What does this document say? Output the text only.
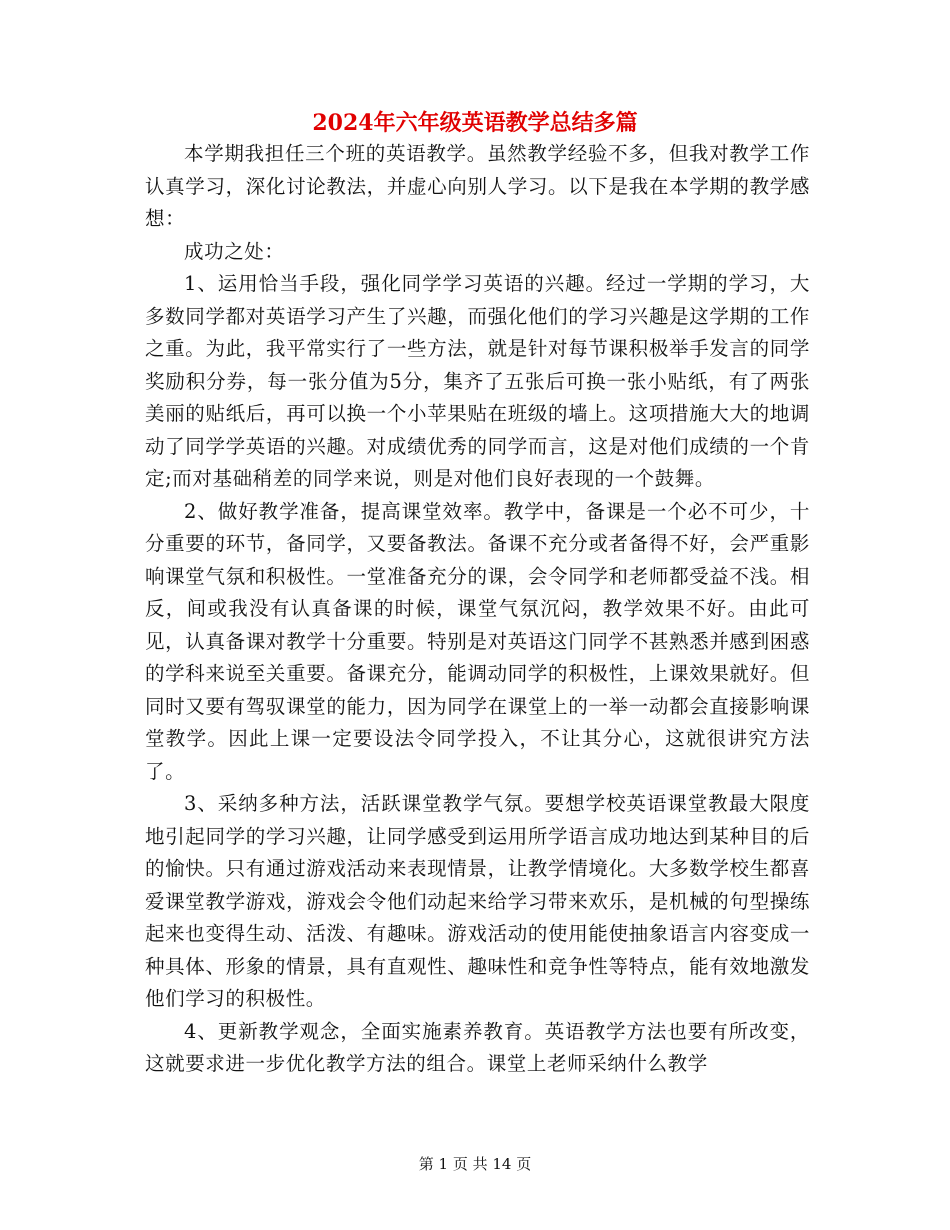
2024年六年级英语教学总结多篇

本学期我担任三个班的英语教学。虽然教学经验不多，但我对教学工作认真学习，深化讨论教法，并虚心向别人学习。以下是我在本学期的教学感想：

成功之处：

1、运用恰当手段，强化同学学习英语的兴趣。经过一学期的学习，大多数同学都对英语学习产生了兴趣，而强化他们的学习兴趣是这学期的工作之重。为此，我平常实行了一些方法，就是针对每节课积极举手发言的同学奖励积分券，每一张分值为5分，集齐了五张后可换一张小贴纸，有了两张美丽的贴纸后，再可以换一个小苹果贴在班级的墙上。这项措施大大的地调动了同学学英语的兴趣。对成绩优秀的同学而言，这是对他们成绩的一个肯定;而对基础稍差的同学来说，则是对他们良好表现的一个鼓舞。

2、做好教学准备，提高课堂效率。教学中，备课是一个必不可少，十分重要的环节，备同学，又要备教法。备课不充分或者备得不好，会严重影响课堂气氛和积极性。一堂准备充分的课，会令同学和老师都受益不浅。相反，间或我没有认真备课的时候，课堂气氛沉闷，教学效果不好。由此可见，认真备课对教学十分重要。特别是对英语这门同学不甚熟悉并感到困惑的学科来说至关重要。备课充分，能调动同学的积极性，上课效果就好。但同时又要有驾驭课堂的能力，因为同学在课堂上的一举一动都会直接影响课堂教学。因此上课一定要设法令同学投入，不让其分心，这就很讲究方法了。

3、采纳多种方法，活跃课堂教学气氛。要想学校英语课堂教最大限度地引起同学的学习兴趣，让同学感受到运用所学语言成功地达到某种目的后的愉快。只有通过游戏活动来表现情景，让教学情境化。大多数学校生都喜爱课堂教学游戏，游戏会令他们动起来给学习带来欢乐，是机械的句型操练起来也变得生动、活泼、有趣味。游戏活动的使用能使抽象语言内容变成一种具体、形象的情景，具有直观性、趣味性和竞争性等特点，能有效地激发他们学习的积极性。

4、更新教学观念，全面实施素养教育。英语教学方法也要有所改变，这就要求进一步优化教学方法的组合。课堂上老师采纳什么教学

第 1 页 共 14 页
